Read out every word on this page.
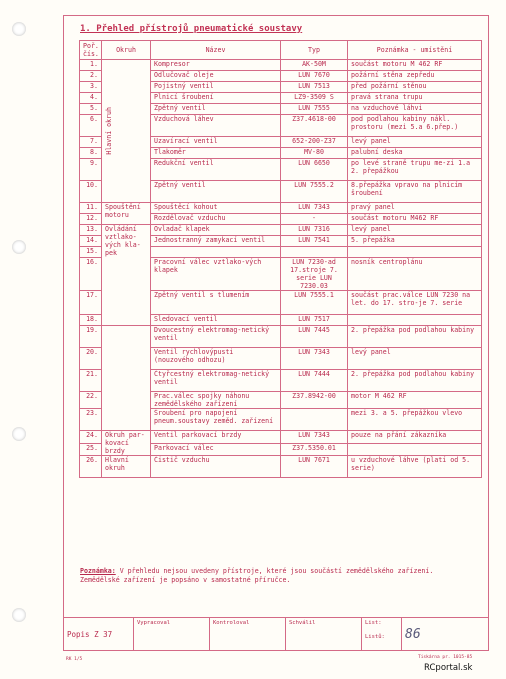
1. Přehled přístrojů pneumatické soustavy
Poř. čís.	Okruh	Název	Typ	Poznámka - umístění
1.	Hlavní okruh	Kompresor	AK-50M	součást motoru M 462 RF
2.		Odlučovač oleje	LUN 7670	požární stěna zepředu
3.		Pojistný ventil	LUN 7513	před požární stěnou
4.		Plnicí šroubení	LZ9-3509 S	pravá strana trupu
5.		Zpětný ventil	LUN 7555	na vzduchové láhvi
6.		Vzduchová láhev	Z37.4618-00	pod podlahou kabiny nákl. prostoru (mezi 5.a 6.přep.)
7.		Uzavírací ventil	652-200-Z37	levý panel
8.		Tlakoměr	MV-80	palubní deska
9.		Redukční ventil	LUN 6650	po levé straně trupu me-zi 1.a 2. přepážkou
10.		Zpětný ventil	LUN 7555.2	8.přepážka vpravo na plnicím šroubení
11.	Spouštění motoru	Spouštěcí kohout	LUN 7343	pravý panel
12.		Rozdělovač vzduchu	-	součást motoru M462 RF
13.	Ovládání vztlako-vých kla-pek	Ovladač klapek	LUN 7316	levý panel
14.		Jednostranný zamykací ventil	LUN 7541	5. přepážka
15.				
16.		Pracovní válec vztlako-vých klapek	LUN 7230-ad 17.stroje 7. serie LUN 7230.03	nosník centroplánu
17.		Zpětný ventil s tlumením	LUN 7555.1	součást prac.válce LUN 7230 na let. do 17. stro-je 7. serie
18.		Sledovací ventil	LUN 7517	
19.		Dvoucestný elektromag-netický ventil	LUN 7445	2. přepážka pod podlahou kabiny
20.		Ventil rychlovýpusti (nouzového odhozu)	LUN 7343	levý panel
21.		Čtyřcestný elektromag-netický ventil	LUN 7444	2. přepážka pod podlahou kabiny
22.		Prac.válec spojky náhonu zemědělského zařízení	Z37.8942-00	motor M 462 RF
23.		Šroubení pro napojení pneum.soustavy zeměd. zařízení		mezi 3. a 5. přepážkou vlevo
24.	Okruh par-kovací brzdy	Ventil parkovací brzdy	LUN 7343	pouze na přání zákazníka
25.		Parkovací válec	Z37.5350.01	
26.	Hlavní okruh	Čistič vzduchu	LUN 7671	u vzduchové láhve (platí od 5. serie)
Poznámka: V přehledu nejsou uvedeny přístroje, které jsou součástí zemědělského zařízení. Zemědělské zařízení je popsáno v samostatné příručce.
Popis Z 37	Vypracoval	Kontroloval	Schválil	List:
Listů:	86
RK 1/5	Tiskárna pr. 1015-85
RCportal.sk
